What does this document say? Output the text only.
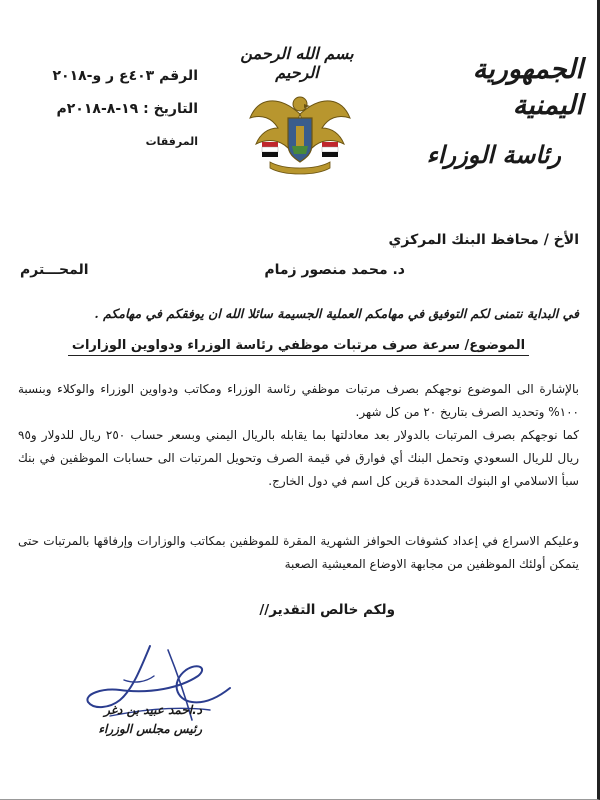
الجمهورية اليمنية
رئاسة الوزراء
بسم الله الرحمن الرحيم
الرقم ٤٠٣ع ر و-٢٠١٨
التاريخ : ١٩-٨-٢٠١٨م
المرفقات
الأخ / محافظ البنك المركزي
د. محمد منصور زمام
المحـــترم
في البداية نتمنى لكم التوفيق في مهامكم العملية الجسيمة سائلا الله ان يوفقكم في مهامكم .
الموضوع/ سرعة صرف مرتبات موظفي رئاسة الوزراء ودواوين الوزارات
بالإشارة الى الموضوع نوجهكم بصرف مرتبات موظفي رئاسة الوزراء ومكاتب ودواوين الوزراء والوكلاء وبنسبة ١٠٠% وتحديد الصرف بتاريخ ٢٠ من كل شهر.
كما نوجهكم بصرف المرتبات بالدولار بعد معادلتها بما يقابله بالريال اليمني وبسعر حساب ٢٥٠ ريال للدولار و٩٥ ريال للريال السعودي وتحمل البنك أي فوارق في قيمة الصرف وتحويل المرتبات الى حسابات الموظفين في بنك سبأ الاسلامي او البنوك المحددة قرين كل اسم في دول الخارج.
وعليكم الاسراع في إعداد كشوفات الحوافز الشهرية المقرة للموظفين بمكاتب والوزارات وإرفاقها بالمرتبات حتى يتمكن أولئك الموظفين من مجابهة الاوضاع المعيشية الصعبة
ولكم خالص التقدير//
د.احمد عبيد بن دغر
رئيس مجلس الوزراء
